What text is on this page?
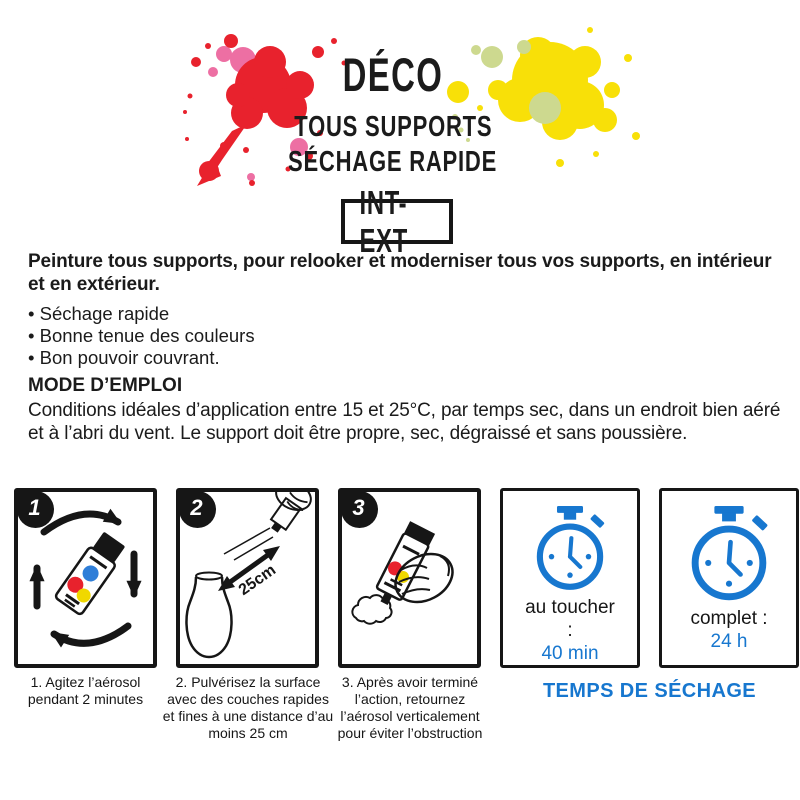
DÉCO
TOUS SUPPORTS
SÉCHAGE RAPIDE
INT-EXT

Peinture tous supports, pour relooker et moderniser tous vos supports, en intérieur et en extérieur.

• Séchage rapide
• Bonne tenue des couleurs
• Bon pouvoir couvrant.
MODE D’EMPLOI

Conditions idéales d’application entre 15 et 25°C, par temps sec, dans un endroit bien aéré et à l’abri du vent. Le support doit être propre, sec, dégraissé et sans poussière.

1
25cm
2	3

au toucher :

40 min

complet :

24 h

1. Agitez l’aérosol pendant 2 minutes

2. Pulvérisez la surface avec des couches rapides et fines à une distance d’au moins 25 cm

3. Après avoir terminé l’action, retournez l’aérosol verticalement pour éviter l’obstruction

TEMPS DE SÉCHAGE
